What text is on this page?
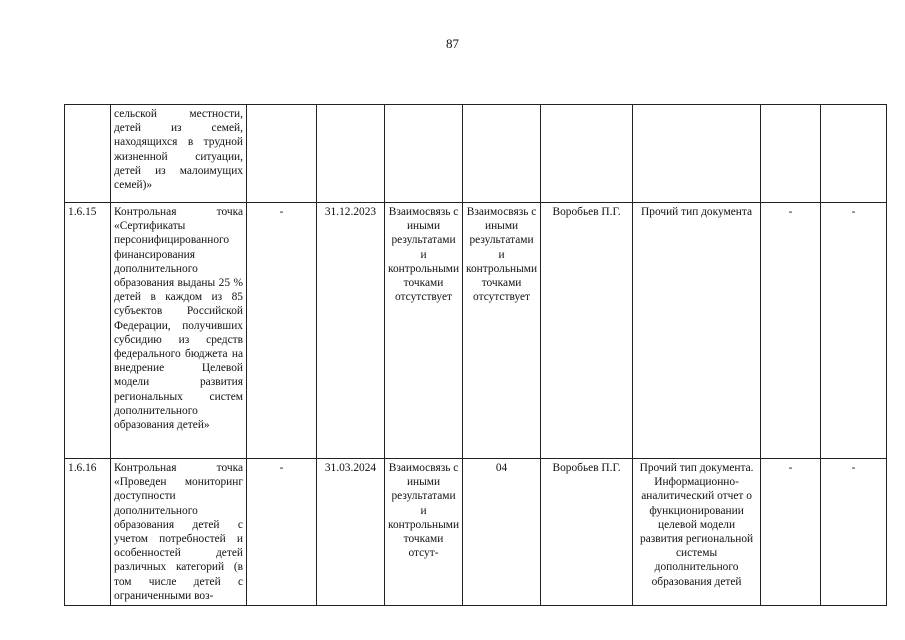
87
	сельской местности, детей из семей, находящихся в трудной жизненной ситуации, детей из малоимущих семей)»								
1.6.15	Контрольная точка «Сертификаты персонифицированного финансирования дополнительного образования выданы 25 % детей в каждом из 85 субъектов Российской Федерации, получивших субсидию из средств федерального бюджета на внедрение Целевой модели развития региональных систем дополнительного образования детей»	-	31.12.2023	Взаимосвязь с иными результатами и контрольными точками отсутствует	Взаимосвязь с иными результатами и контрольными точками отсутствует	Воробьев П.Г.	Прочий тип документа	-	-
1.6.16	Контрольная точка «Проведен мониторинг доступности дополнительного образования детей с учетом потребностей и особенностей детей различных категорий (в том числе детей с ограниченными воз-	-	31.03.2024	Взаимосвязь с иными результатами и контрольными точками отсут-	04	Воробьев П.Г.	Прочий тип документа. Информационно-аналитический отчет о функционировании целевой модели развития региональной системы дополнительного образования детей	-	-
